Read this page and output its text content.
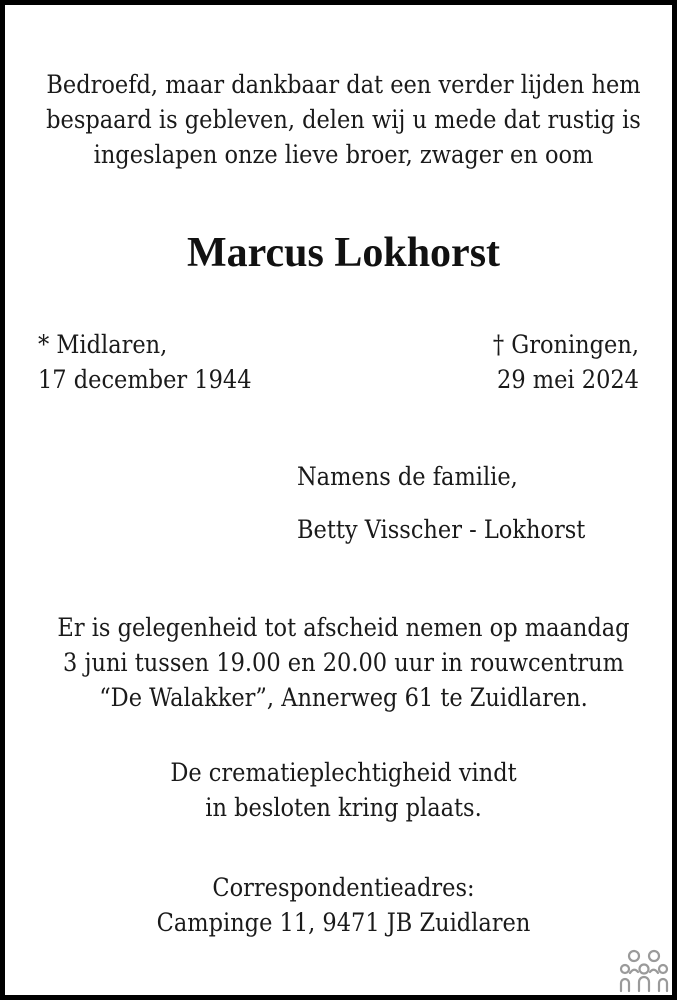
Bedroefd, maar dankbaar dat een verder lijden hem

bespaard is gebleven, delen wij u mede dat rustig is

ingeslapen onze lieve broer, zwager en oom

Marcus Lokhorst

* Midlaren,

17 december 1944

† Groningen,

29 mei 2024

Namens de familie,

Betty Visscher - Lokhorst

Er is gelegenheid tot afscheid nemen op maandag

3 juni tussen 19.00 en 20.00 uur in rouwcentrum

“De Walakker”, Annerweg 61 te Zuidlaren.

De crematieplechtigheid vindt

in besloten kring plaats.

Correspondentieadres:

Campinge 11, 9471 JB Zuidlaren
